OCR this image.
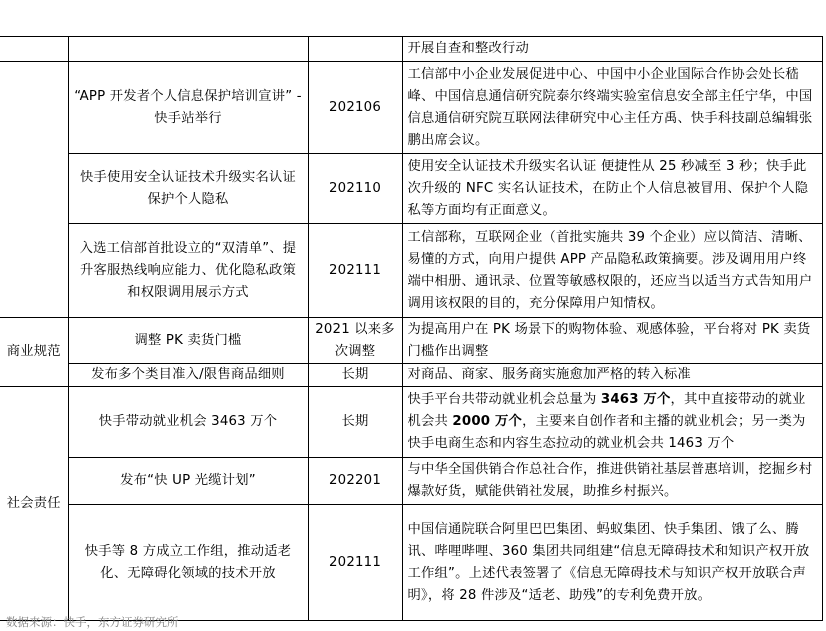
			开展自查和整改行动
	“APP 开发者个人信息保护培训宣讲” -快手站举行	202106	工信部中小企业发展促进中心、中国中小企业国际合作协会处长嵇峰、中国信息通信研究院泰尔终端实验室信息安全部主任宁华，中国信息通信研究院互联网法律研究中心主任方禹、快手科技副总编辑张鹏出席会议。
	快手使用安全认证技术升级实名认证 保护个人隐私	202110	使用安全认证技术升级实名认证 便捷性从 25 秒减至 3 秒；快手此次升级的 NFC 实名认证技术，在防止个人信息被冒用、保护个人隐私等方面均有正面意义。
	入选工信部首批设立的“双清单”、提升客服热线响应能力、优化隐私政策和权限调用展示方式	202111	工信部称，互联网企业（首批实施共 39 个企业）应以简洁、清晰、易懂的方式，向用户提供 APP 产品隐私政策摘要。涉及调用用户终端中相册、通讯录、位置等敏感权限的，还应当以适当方式告知用户调用该权限的目的，充分保障用户知情权。
商业规范	调整 PK 卖货门槛	2021 以来多次调整	为提高用户在 PK 场景下的购物体验、观感体验，平台将对 PK 卖货门槛作出调整
	发布多个类目准入/限售商品细则	长期	对商品、商家、服务商实施愈加严格的转入标准
社会责任	快手带动就业机会 3463 万个	长期	快手平台共带动就业机会总量为 3463 万个，其中直接带动的就业机会共 2000 万个，主要来自创作者和主播的就业机会；另一类为快手电商生态和内容生态拉动的就业机会共 1463 万个
	发布“快 UP 光缆计划”	202201	与中华全国供销合作总社合作，推进供销社基层普惠培训，挖掘乡村爆款好货，赋能供销社发展，助推乡村振兴。
	快手等 8 方成立工作组，推动适老化、无障碍化领域的技术开放	202111	中国信通院联合阿里巴巴集团、蚂蚁集团、快手集团、饿了么、腾讯、哔哩哔哩、360 集团共同组建“信息无障碍技术和知识产权开放工作组”。上述代表签署了《信息无障碍技术与知识产权开放联合声明》，将 28 件涉及“适老、助残”的专利免费开放。
数据来源：快手，东方证券研究所
